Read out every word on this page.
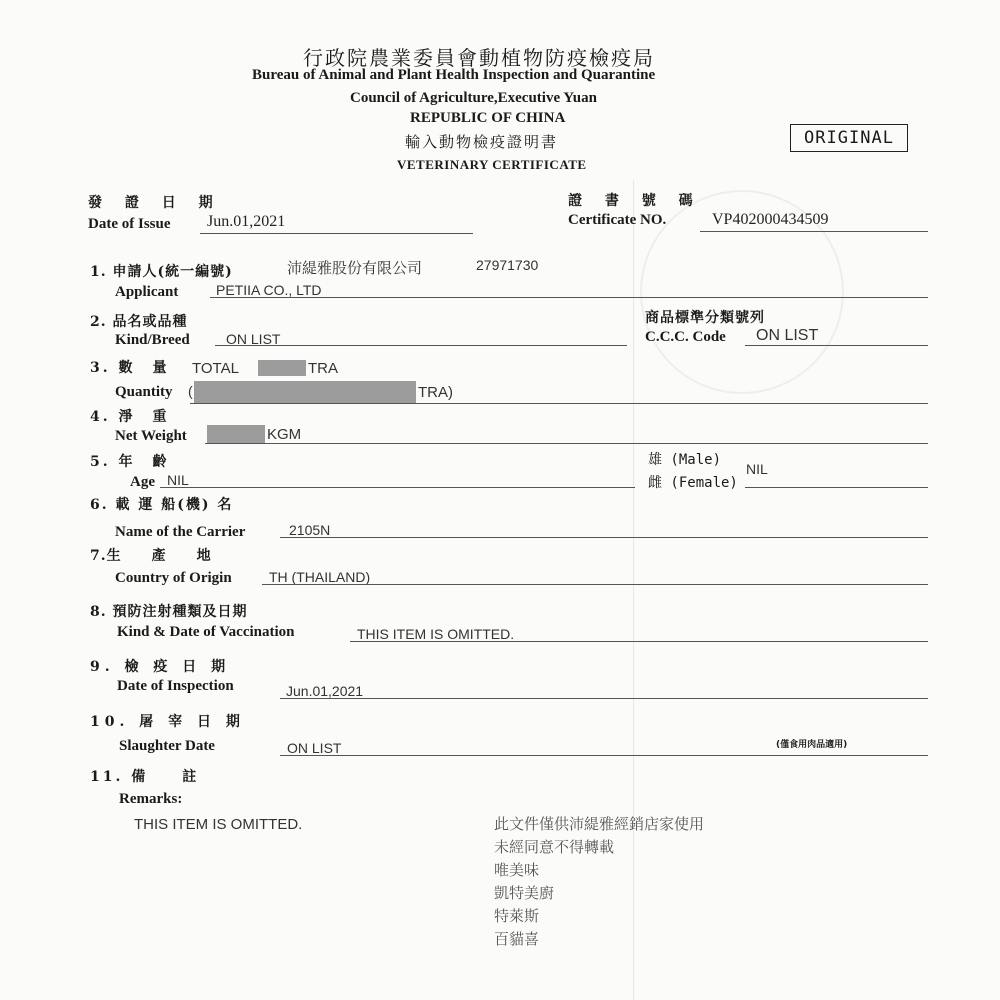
行政院農業委員會動植物防疫檢疫局
Bureau of Animal and Plant Health Inspection and Quarantine
Council of Agriculture,Executive Yuan
REPUBLIC OF CHINA
輸入動物檢疫證明書
VETERINARY CERTIFICATE
ORIGINAL
發 證 日 期
Date of Issue Jun.01,2021
證 書 號 碼
Certificate NO.	VP402000434509
1. 申請人(統一編號)	沛緹雅股份有限公司	27971730
Applicant	PETIIA CO., LTD
2. 品名或品種
Kind/Breed	ON LIST
商品標準分類號列
C.C.C. Code ON LIST
3. 數　量 TOTAL	TRA
Quantity (	TRA)
4. 淨　重
Net Weight	KGM
5. 年　齡
Age NIL
雄 (Male)
雌 (Female)
NIL
6. 載 運 船(機) 名
Name of the Carrier	2105N
7.生　　產　　地
Country of Origin	TH (THAILAND)
8. 預防注射種類及日期
Kind & Date of Vaccination	THIS ITEM IS OMITTED.
9. 檢 疫 日 期
Date of Inspection	Jun.01,2021
10. 屠 宰 日 期
Slaughter Date	ON LIST	(僅食用肉品適用)
11. 備　　註
Remarks:
THIS ITEM IS OMITTED.	此文件僅供沛緹雅經銷店家使用
未經同意不得轉載
唯美味
凱特美廚
特萊斯
百貓喜
